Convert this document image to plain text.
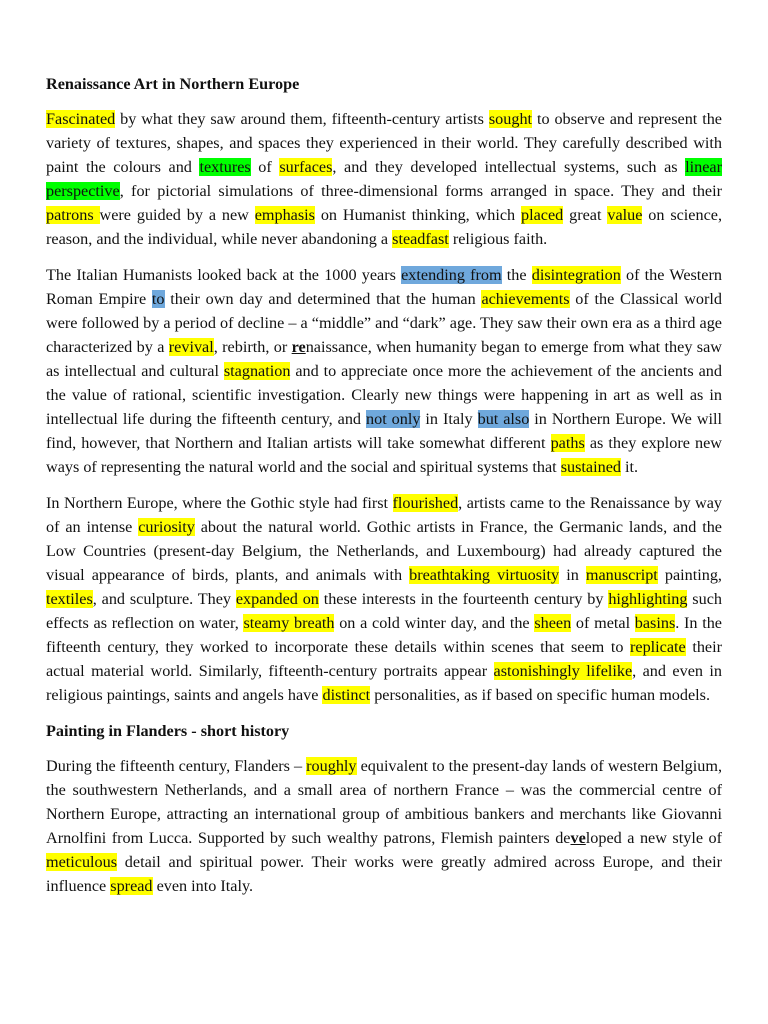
Renaissance Art in Northern Europe

Fascinated by what they saw around them, fifteenth-century artists sought to observe and represent the variety of textures, shapes, and spaces they experienced in their world. They carefully described with paint the colours and textures of surfaces, and they developed intellectual systems, such as linear perspective, for pictorial simulations of three-dimensional forms arranged in space. They and their patrons were guided by a new emphasis on Humanist thinking, which placed great value on science, reason, and the individual, while never abandoning a steadfast religious faith.

The Italian Humanists looked back at the 1000 years extending from the disintegration of the Western Roman Empire to their own day and determined that the human achievements of the Classical world were followed by a period of decline – a “middle” and “dark” age. They saw their own era as a third age characterized by a revival, rebirth, or renaissance, when humanity began to emerge from what they saw as intellectual and cultural stagnation and to appreciate once more the achievement of the ancients and the value of rational, scientific investigation. Clearly new things were happening in art as well as in intellectual life during the fifteenth century, and not only in Italy but also in Northern Europe. We will find, however, that Northern and Italian artists will take somewhat different paths as they explore new ways of representing the natural world and the social and spiritual systems that sustained it.

In Northern Europe, where the Gothic style had first flourished, artists came to the Renaissance by way of an intense curiosity about the natural world. Gothic artists in France, the Germanic lands, and the Low Countries (present-day Belgium, the Netherlands, and Luxembourg) had already captured the visual appearance of birds, plants, and animals with breathtaking virtuosity in manuscript painting, textiles, and sculpture. They expanded on these interests in the fourteenth century by highlighting such effects as reflection on water, steamy breath on a cold winter day, and the sheen of metal basins. In the fifteenth century, they worked to incorporate these details within scenes that seem to replicate their actual material world. Similarly, fifteenth-century portraits appear astonishingly lifelike, and even in religious paintings, saints and angels have distinct personalities, as if based on specific human models.

Painting in Flanders - short history

During the fifteenth century, Flanders – roughly equivalent to the present-day lands of western Belgium, the southwestern Netherlands, and a small area of northern France – was the commercial centre of Northern Europe, attracting an international group of ambitious bankers and merchants like Giovanni Arnolfini from Lucca. Supported by such wealthy patrons, Flemish painters developed a new style of meticulous detail and spiritual power. Their works were greatly admired across Europe, and their influence spread even into Italy.
